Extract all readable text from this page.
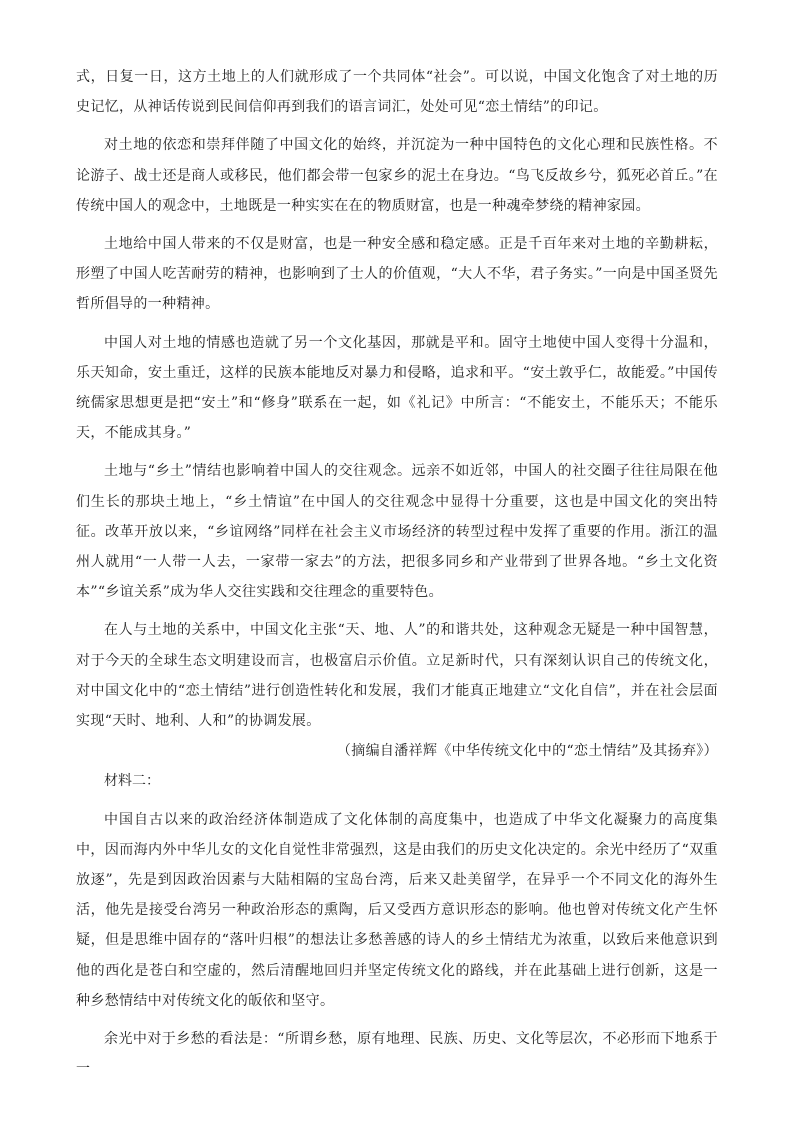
式，日复一日，这方土地上的人们就形成了一个共同体“社会”。可以说，中国文化饱含了对土地的历史记忆，从神话传说到民间信仰再到我们的语言词汇，处处可见“恋土情结”的印记。

对土地的依恋和崇拜伴随了中国文化的始终，并沉淀为一种中国特色的文化心理和民族性格。不论游子、战士还是商人或移民，他们都会带一包家乡的泥土在身边。“鸟飞反故乡兮，狐死必首丘。”在传统中国人的观念中，土地既是一种实实在在的物质财富，也是一种魂牵梦绕的精神家园。

土地给中国人带来的不仅是财富，也是一种安全感和稳定感。正是千百年来对土地的辛勤耕耘，形塑了中国人吃苦耐劳的精神，也影响到了士人的价值观，“大人不华，君子务实。”一向是中国圣贤先哲所倡导的一种精神。

中国人对土地的情感也造就了另一个文化基因，那就是平和。固守土地使中国人变得十分温和，乐天知命，安土重迁，这样的民族本能地反对暴力和侵略，追求和平。“安土敦乎仁，故能爱。”中国传统儒家思想更是把“安土”和“修身”联系在一起，如《礼记》中所言：“不能安土，不能乐天；不能乐天，不能成其身。”

土地与“乡土”情结也影响着中国人的交往观念。远亲不如近邻，中国人的社交圈子往往局限在他们生长的那块土地上，“乡土情谊”在中国人的交往观念中显得十分重要，这也是中国文化的突出特征。改革开放以来，“乡谊网络”同样在社会主义市场经济的转型过程中发挥了重要的作用。浙江的温州人就用“一人带一人去，一家带一家去”的方法，把很多同乡和产业带到了世界各地。“乡土文化资本”“乡谊关系”成为华人交往实践和交往理念的重要特色。

在人与土地的关系中，中国文化主张“天、地、人”的和谐共处，这种观念无疑是一种中国智慧，对于今天的全球生态文明建设而言，也极富启示价值。立足新时代，只有深刻认识自己的传统文化，对中国文化中的“恋土情结”进行创造性转化和发展，我们才能真正地建立“文化自信”，并在社会层面实现“天时、地利、人和”的协调发展。

（摘编自潘祥辉《中华传统文化中的“恋土情结”及其扬弃》）

材料二：

中国自古以来的政治经济体制造成了文化体制的高度集中，也造成了中华文化凝聚力的高度集中，因而海内外中华儿女的文化自觉性非常强烈，这是由我们的历史文化决定的。余光中经历了“双重放逐”，先是到因政治因素与大陆相隔的宝岛台湾，后来又赴美留学，在异乎一个不同文化的海外生活，他先是接受台湾另一种政治形态的熏陶，后又受西方意识形态的影响。他也曾对传统文化产生怀疑，但是思维中固存的“落叶归根”的想法让多愁善感的诗人的乡土情结尤为浓重，以致后来他意识到他的西化是苍白和空虚的，然后清醒地回归并坚定传统文化的路线，并在此基础上进行创新，这是一种乡愁情结中对传统文化的皈依和坚守。

余光中对于乡愁的看法是：“所谓乡愁，原有地理、民族、历史、文化等层次，不必形而下地系于一
